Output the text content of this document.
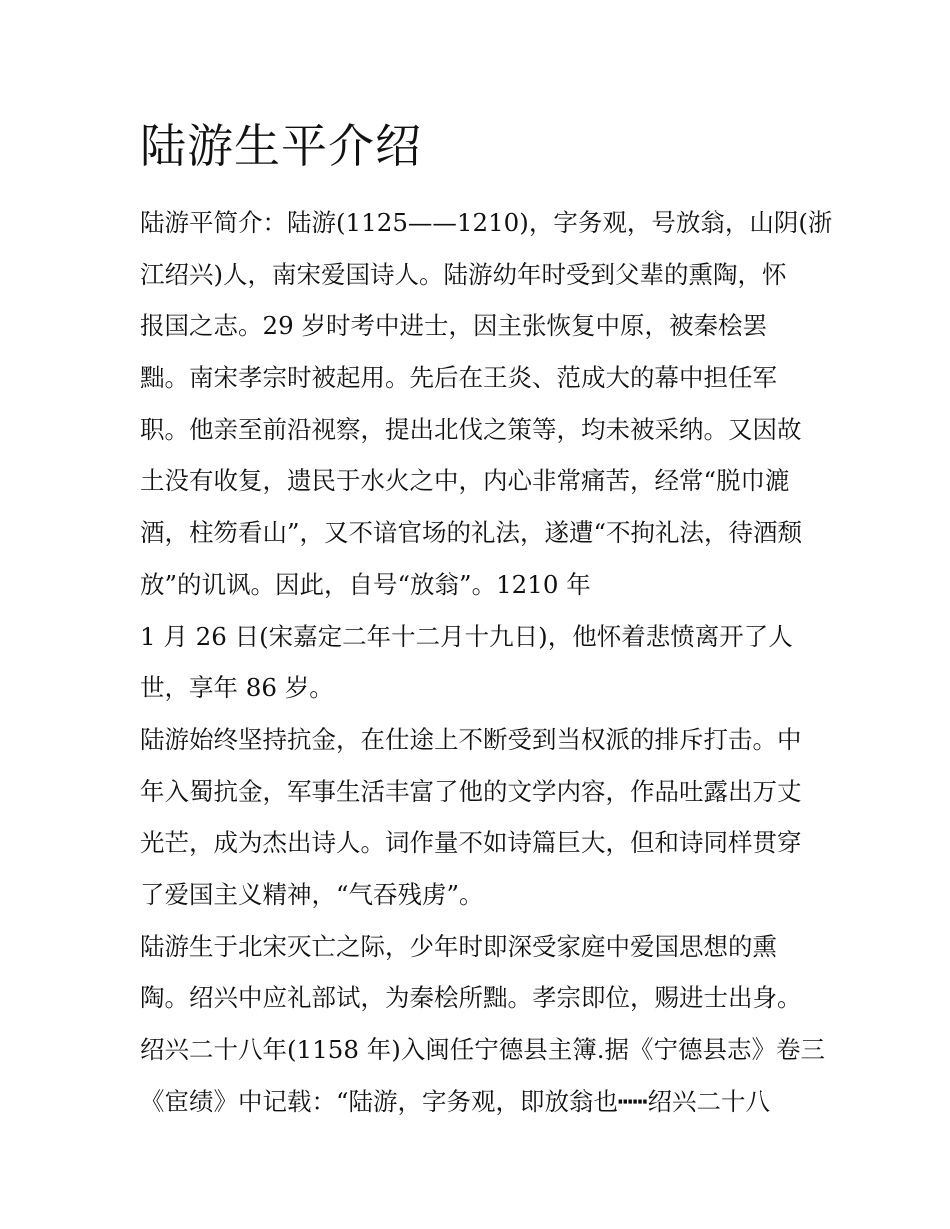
陆游生平介绍
陆游平简介：陆游(1125——1210)，字务观，号放翁，山阴(浙
江绍兴)人，南宋爱国诗人。陆游幼年时受到父辈的熏陶，怀
报国之志。29 岁时考中进士，因主张恢复中原，被秦桧罢
黜。南宋孝宗时被起用。先后在王炎、范成大的幕中担任军
职。他亲至前沿视察，提出北伐之策等，均未被采纳。又因故
土没有收复，遗民于水火之中，内心非常痛苦，经常“脱巾漉
酒，柱笏看山”，又不谙官场的礼法，遂遭“不拘礼法，待酒颓
放”的讥讽。因此，自号“放翁”。1210 年
1 月 26 日(宋嘉定二年十二月十九日)，他怀着悲愤离开了人
世，享年 86 岁。
陆游始终坚持抗金，在仕途上不断受到当权派的排斥打击。中
年入蜀抗金，军事生活丰富了他的文学内容，作品吐露出万丈
光芒，成为杰出诗人。词作量不如诗篇巨大，但和诗同样贯穿
了爱国主义精神，“气吞残虏”。
陆游生于北宋灭亡之际，少年时即深受家庭中爱国思想的熏
陶。绍兴中应礼部试，为秦桧所黜。孝宗即位，赐进士出身。
绍兴二十八年(1158 年)入闽任宁德县主簿.据《宁德县志》卷三
《宦绩》中记载：“陆游，字务观，即放翁也┅┅绍兴二十八
